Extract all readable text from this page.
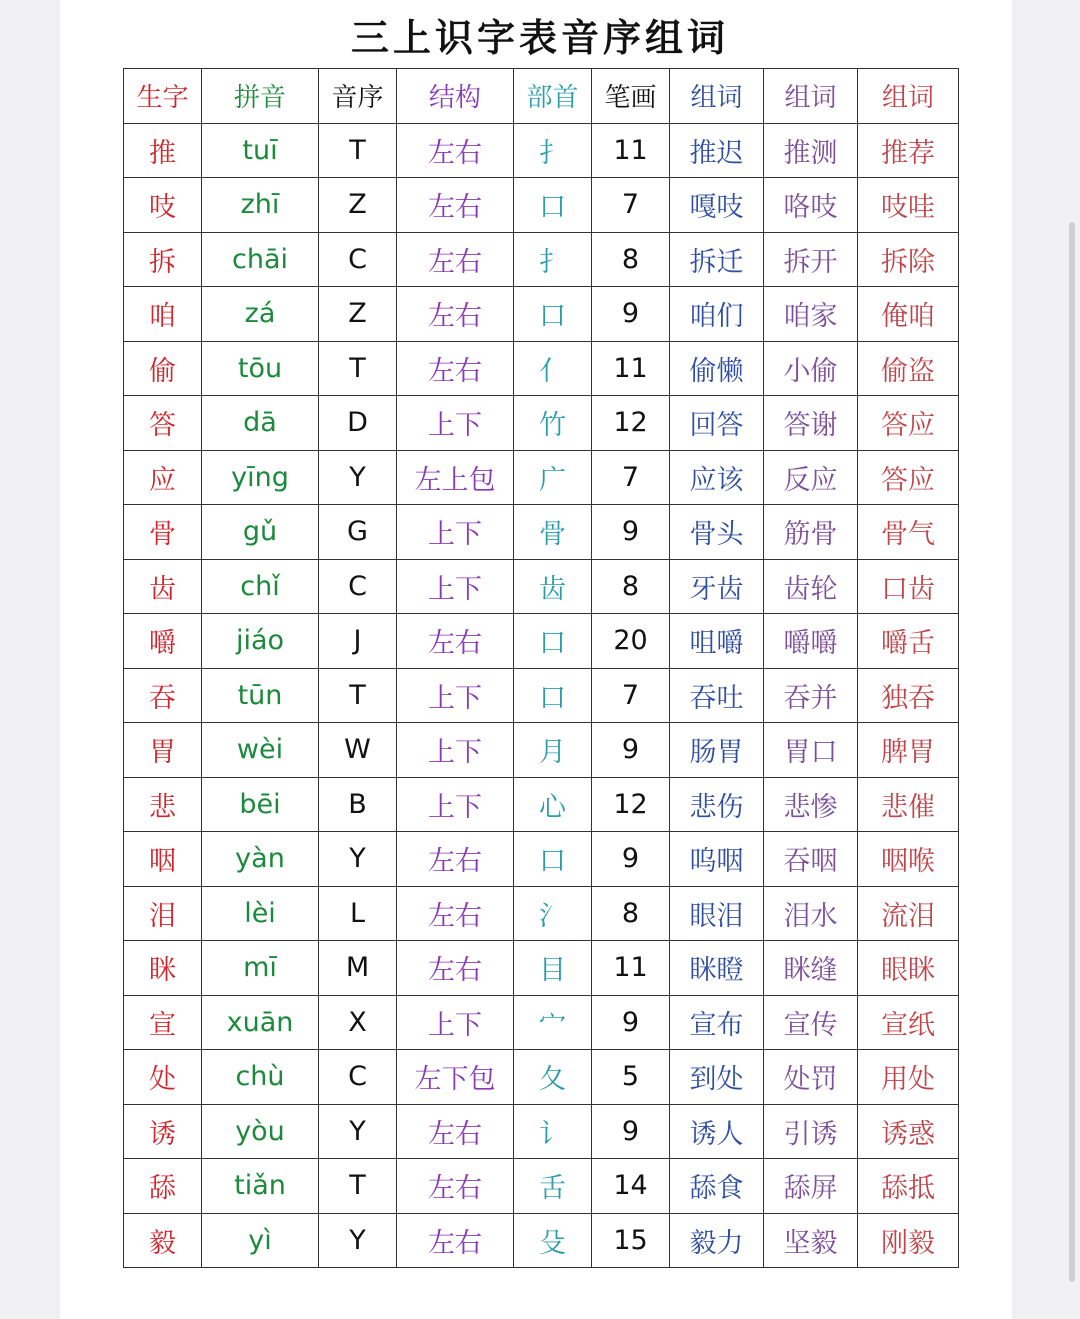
三上识字表音序组词
生字	拼音	音序	结构	部首	笔画	组词	组词	组词
推	tuī	T	左右	扌	11	推迟	推测	推荐
吱	zhī	Z	左右	口	7	嘎吱	咯吱	吱哇
拆	chāi	C	左右	扌	8	拆迁	拆开	拆除
咱	zá	Z	左右	口	9	咱们	咱家	俺咱
偷	tōu	T	左右	亻	11	偷懒	小偷	偷盗
答	dā	D	上下	竹	12	回答	答谢	答应
应	yīng	Y	左上包	广	7	应该	反应	答应
骨	gǔ	G	上下	骨	9	骨头	筋骨	骨气
齿	chǐ	C	上下	齿	8	牙齿	齿轮	口齿
嚼	jiáo	J	左右	口	20	咀嚼	嚼嚼	嚼舌
吞	tūn	T	上下	口	7	吞吐	吞并	独吞
胃	wèi	W	上下	月	9	肠胃	胃口	脾胃
悲	bēi	B	上下	心	12	悲伤	悲惨	悲催
咽	yàn	Y	左右	口	9	呜咽	吞咽	咽喉
泪	lèi	L	左右	氵	8	眼泪	泪水	流泪
眯	mī	M	左右	目	11	眯瞪	眯缝	眼眯
宣	xuān	X	上下	宀	9	宣布	宣传	宣纸
处	chù	C	左下包	夂	5	到处	处罚	用处
诱	yòu	Y	左右	讠	9	诱人	引诱	诱惑
舔	tiǎn	T	左右	舌	14	舔食	舔屏	舔抵
毅	yì	Y	左右	殳	15	毅力	坚毅	刚毅
